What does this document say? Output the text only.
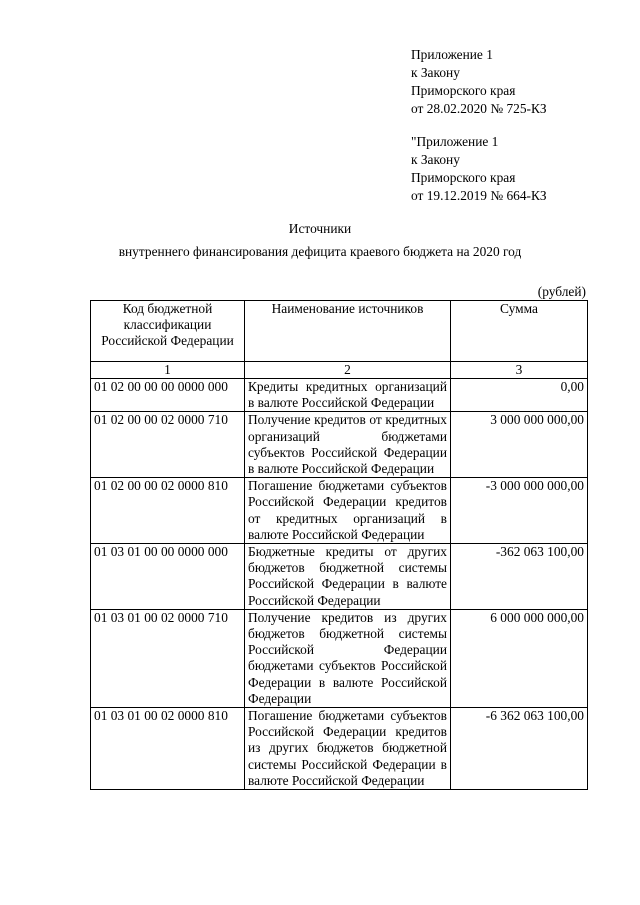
Приложение 1
к Закону
Приморского края
от 28.02.2020 № 725-КЗ
"Приложение 1
к Закону
Приморского края
от 19.12.2019 № 664-КЗ
Источники
внутреннего финансирования дефицита краевого бюджета на 2020 год
(рублей)
Код бюджетной классификации Российской Федерации	Наименование источников	Сумма
1	2	3
01 02 00 00 00 0000 000	Кредиты кредитных организаций в валюте Российской Федерации	0,00
01 02 00 00 02 0000 710	Получение кредитов от кредитных организаций бюджетами субъектов Российской Федерации в валюте Российской Федерации	3 000 000 000,00
01 02 00 00 02 0000 810	Погашение бюджетами субъектов Российской Федерации кредитов от кредитных организаций в валюте Российской Федерации	-3 000 000 000,00
01 03 01 00 00 0000 000	Бюджетные кредиты от других бюджетов бюджетной системы Российской Федерации в валюте Российской Федерации	-362 063 100,00
01 03 01 00 02 0000 710	Получение кредитов из других бюджетов бюджетной системы Российской Федерации бюджетами субъектов Российской Федерации в валюте Российской Федерации	6 000 000 000,00
01 03 01 00 02 0000 810	Погашение бюджетами субъектов Российской Федерации кредитов из других бюджетов бюджетной системы Российской Федерации в валюте Российской Федерации	-6 362 063 100,00
